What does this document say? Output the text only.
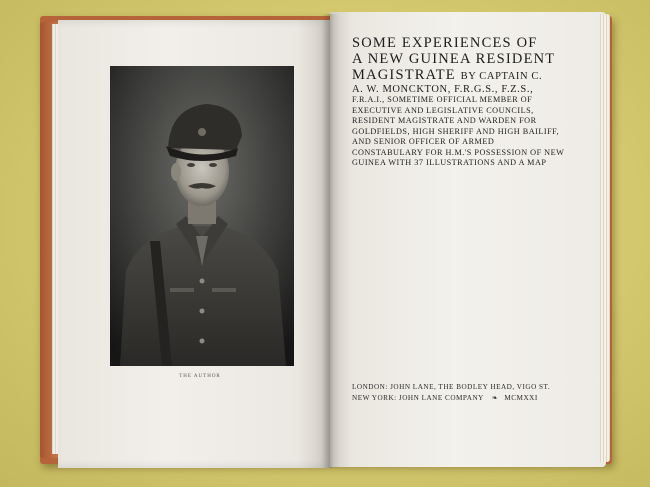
THE AUTHOR

SOME EXPERIENCES OF
A NEW GUINEA RESIDENT
MAGISTRATE BY CAPTAIN C.

A. W. MONCKTON, F.R.G.S., F.Z.S.,

F.R.A.I., SOMETIME OFFICIAL MEMBER OF EXECUTIVE AND LEGISLATIVE COUNCILS, RESIDENT MAGISTRATE AND WARDEN FOR GOLDFIELDS, HIGH SHERIFF AND HIGH BAILIFF, AND SENIOR OFFICER OF ARMED CONSTABULARY FOR H.M.'S POSSESSION OF NEW GUINEA WITH 37 ILLUSTRATIONS AND A MAP

LONDON: JOHN LANE, THE BODLEY HEAD, VIGO ST.
NEW YORK: JOHN LANE COMPANY ❧ MCMXXI
